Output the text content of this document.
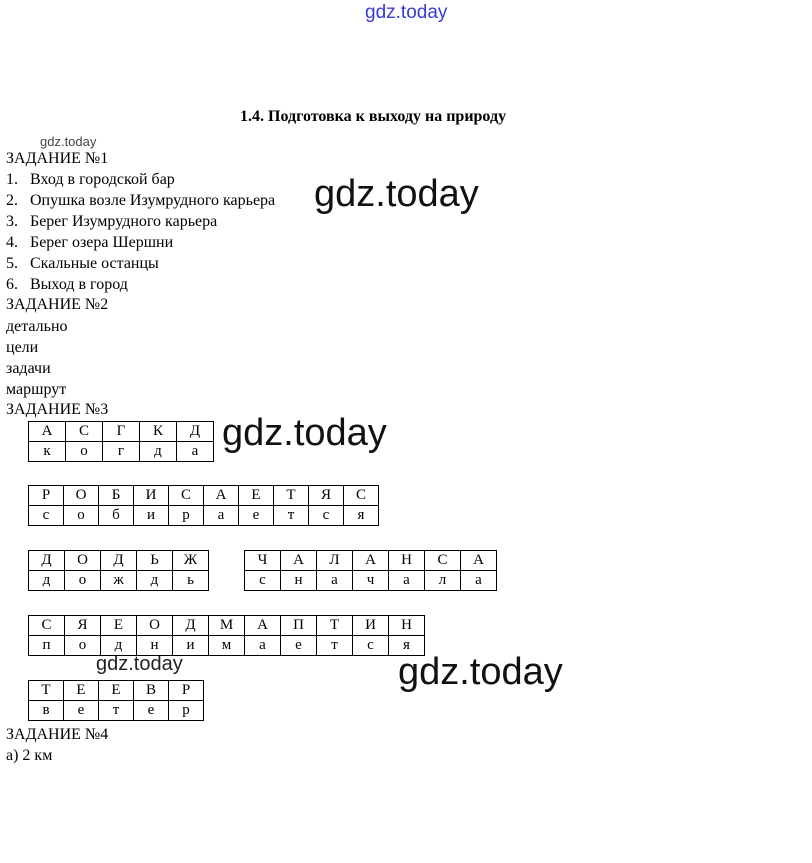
gdz.today
gdz.today
gdz.today
gdz.today
gdz.today	gdz.today
1.4. Подготовка к выходу на природу
ЗАДАНИЕ №1
1. Вход в городской бар
2. Опушка возле Изумрудного карьера
3. Берег Изумрудного карьера
4. Берег озера Шершни
5. Скальные останцы
6. Выход в город
ЗАДАНИЕ №2
детально
цели
задачи
маршрут
ЗАДАНИЕ №3
А	С	Г	К	Д
к	о	г	д	а
Р	О	Б	И	С	А	Е	Т	Я	С
с	о	б	и	р	а	е	т	с	я
Д	О	Д	Ь	Ж		Ч	А	Л	А	Н	С	А
д	о	ж	д	ь		с	н	а	ч	а	л	а
С	Я	Е	О	Д	М	А	П	Т	И	Н
п	о	д	н	и	м	а	е	т	с	я
Т	Е	Е	В	Р
в	е	т	е	р
ЗАДАНИЕ №4
а) 2 км
